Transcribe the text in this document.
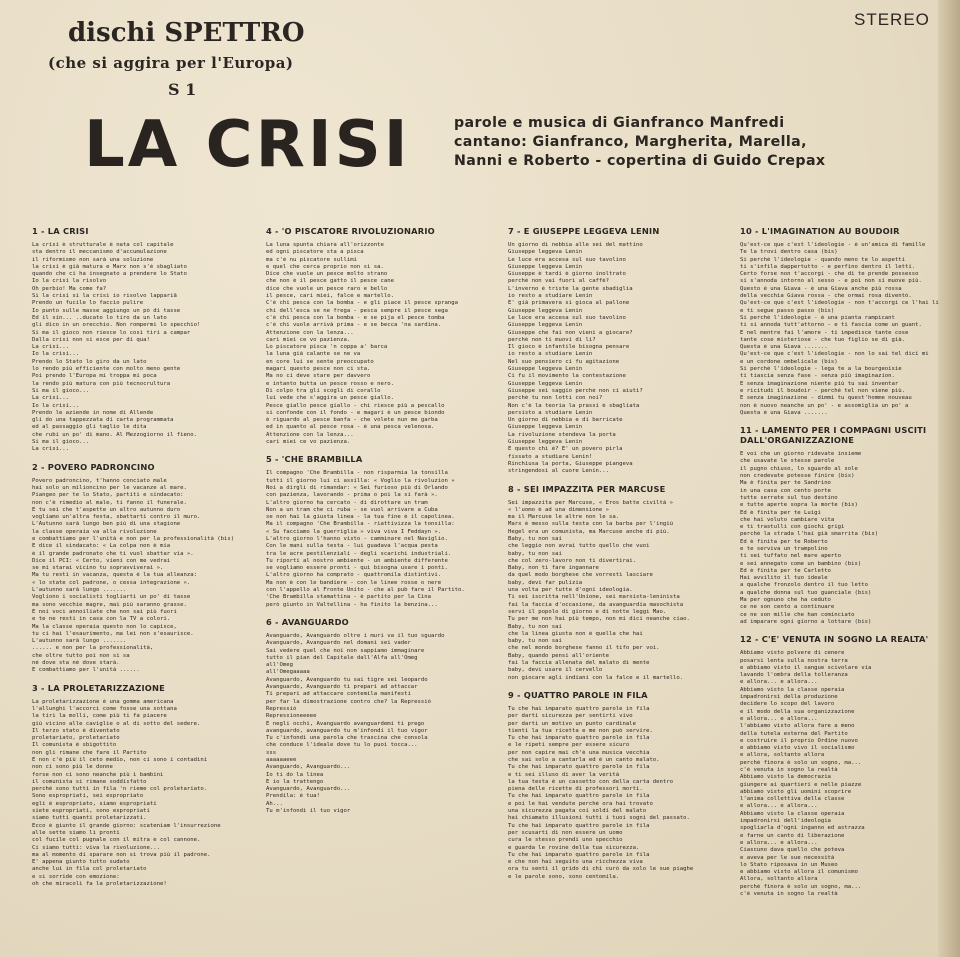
dischi SPETTRO
(che si aggira per l'Europa)
S 1
STEREO
LA CRISI	parole e musica di Gianfranco Manfredi
cantano: Gianfranco, Margherita, Marella,
Nanni e Roberto - copertina di Guido Crepax
1 - LA CRISI
La crisi è strutturale è nata col capitale
sta dentro il meccanismo d'accumulazione
il riformismo non sarà una soluzione
la crisi è già matura e Marx non s'è sbagliato
quando che ci ha insegnato a prendere lo Stato
Io la crisi la risolvo
Oh perbio! Ma come fa?
Si la crisi si la crisi io risolvo lappariâ
Prendo un fucile lo faccio pulire
Io punto sulle masse aggiungo un pò di tasse
Ed il sin... ..ducato lo tiro da un lato
gli dico in un orecchio. Non rompermi lo specchio!
Si ma il gioco non riesce lo così tiri a campar
Dalla crisi non si esce per di qua!
La crisi...
Io la crisi...
Prendo lo Stato lo giro da un lato
lo rendo più efficiente con molto meno gente
Poi prendo l'Europa mi troppa mi poca
la rendo più matura con più tecnocrultura
Si ma il gioco...
La crisi...
Io la crisi...
Prendo le aziende in nome di Allende
gli do una tappezzata di carta programmata
ed al passaggio gli taglio le dita
che rubi un po' di mano. Al Mezzogiorno il fieno.
Si ma il gioco...
La crisi...
2 - POVERO PADRONCINO
Povero padroncino, t'hanno conciato male
hai solo un milioncino per le vacanze al mare.
Piangeo per te lo Stato, partiti e sindacato:
non c'è rimedio al male, ti fanno il funerale.
E tu sei che t'aspette un altro autunno duro
vogliamo un'altra festa, sbattarti contro il muro.
L'Autunno sarà lungo ben più di una stagione
la classe operaia va alla rivoluzione
e combattiamo per l'unità e non per la professionalità (bis)
E dice il sindacato: « La colpa non è mia
è il grande padronato che ti vuol sbattar via ».
Dice il PCI: « Certo, vieni con me vedrai
se mi starai vicino tu sopravviverai ».
Ma tu resti in vacanza, questa è la tua alleanza:
« lo state col padrone, o cessa integrazione ».
L'autunno sarà lungo .......
Vogliono i socialisti togliarti un po' di tasse
ma sono vecchie magre, mai più saranno grasse.
E noi voci annoiliate che non sai più fuori
e te ne resti in casa con la TV a colori.
Ma la classe operaia questo non lo capisce,
tu ci hai l'esaurimento, ma lei non s'esaurisce.
L'autunno sarà lungo .......
...... e non per la professionalità,
che oltre tutto poi non si sa
né dove sta né dove starà.
E combattiamo per l'unità ......
3 - LA PROLETARIZZAZIONE
La proletarizzazione è una gomma americana
l'allunghi l'accorci come fosse una sottana
la tiri la molli, come più ti fa piacere
giù vicino alle caviglie o al di sotto del sedere.
Il terzo stato è diventato
proletariato, proletariato
Il comunista è sbigottito
non gli rimane che fare il Partito
E non c'è più il ceto medio, non ci sono i contadini
non ci sono più le donne
forse non ci sono neanche più i bambini
il comunista si rimane soddisfatto
perché sono tutti in fila 'n rieme col proletariato.
Sono espropriati, sei espropriato
egli è espropriato, siamo espropriati
siete espropriati, sono espropriati
siamo tutti quanti proletarizzati.
Ecco è giunto il grande giorno: scateniam l'insurrezione
alle sette siamo lì pronti
col fucile col pugnale con il mitra e col cannone.
Ci siamo tutti: viva la rivoluzione...
ma al momento di sparare non si trova più il padrone.
E' appena giunto tutto sudato
anche lui in fila col proletariato
e si sorride con emozione:
oh che miracoli fa la proletarizzazione!
4 - 'O PISCATORE RIVOLUZIONARIO
La luna spunta chiara all'orizzonte
ed ogni piscatore sta a pisca
ma c'è nu piscatore sullimi
e quel che cerca proprio non si sa.
Dice che vuole un pesce molto strano
che non è il pesce gatto il pesce cane
dice che vuole un pesce raro e bello
il pesce, cari miei, falce e martello.
C'è chi pesca con la bomba - e gli piace il pesce spranga
chi dell'esca se ne frega - pesca sempre il pesce sega
c'è chi pesca con la bomba - e se pija el pesce tomba
c'è chi vuole arrivà prima - e se becca 'na sardina.
Attenzione con la lenza...
cari miei ce vo pazienza.
Lo piscatore pisca 'n coppa a' barca
la luna già calante se ne va
en core lui se sente preoccupato
magari questo pesce non ci sta.
Ma no ci deve stare per davvero
e intanto butta un pesce rosso e nero.
Di colpo tra gli scogli di corallo
lui vede che s'aggira un pesce giallo.
Pesce giallo pesce giallo - chi riesce più a pescallo
si confonde con il fondo - e magari è un pesce biondo
è riguardo al pesce banfa - che volete nun me garba
ed in quanto al pesce rosa - è una pesca velenosa.
Attenzione con la lenza...
cari miei ce vo pazienza.
5 - 'CHE BRAMBILLA
Il compagno 'Che Brambilla - non risparmia la tonsilla
tutti il giorno lui ci assilla: « Voglio la rivoluzion »
Noi a dirgli di rimandar: « Sei furioso più di Orlando
con pazienza, lavorando - prima o poi la si farà ».
L'altro giorno ha cercato - di dirottare un tram
Non a un tram che ci ruba - se vuol arrivare a Cuba
se non hai la giusta linea - la tua fine è il capolinea.
Ma il compagno 'Che Brambilla - riattivizza la tonsilla:
« Su facciamo la guerriglia » viva viva I Feddayn ».
L'altro giorno l'hanno visto - camminare nel Naviglio.
Con le mani sulla testa - lui guadava l'acqua pesta
tra le acre pestilenziali - degli scarichi industriali.
Tu riporti al nostro ambiente - un ambiente differente
se vogliamo essere pronti - qui bisogna usare i ponti.
L'altro giorno ha comprato - quattromila distintivi.
Ma non è con le bandiere - con le linee rosse o nere
con l'appello al Fronte Unito - che al pub fare il Partito.
'Che Brambilla stamattina - è partito per la Cina
però giunto in Valtellina - ha finito la benzina...
6 - AVANGUARDO
Avanguardo, Avanguardo oltre i muri va il tuo sguardo
Avanguardo, Avanguardo nel domani sei vader
Sai vedere quel che noi non sappiamo immaginare
tutto il pian del Capitale dall'Alfa all'Omeg
all'Omeg
all'Omegaaaaa
Avanguardo, Avanguardo tu sai tigre sei leopardo
Avanguardo, Avanguardo ti prepari ad attaccar
Ti prepari ad attaccare contemila manifesti
per far la dimostrazione contro che? la Repressiò
Repressiò
Repressioneeeee
E negli occhi, Avanguardo avanguardemi ti prego
avanguardo, avanguardo tu m'infondi il tuo vigor
Tu c'infondi una parola che trascina che consola
che conduce l'ideale dove tu lo puoi tocca...
sss
aaaaaaeee
Avanguardo, Avanguardo...
Io ti do la linea
E io la trattengo
Avanguardo, Avanguardo...
Prendila: è tua!
Ah...
Tu m'infondi il tuo vigor
7 - E GIUSEPPE LEGGEVA LENIN
Un giorno di nebbia alle sei del mattino
Giuseppe leggeva Lenin
Le luce era accesa sul suo tavolino
Giuseppe leggeva Lenin
Giuseppe è tardi è giorno inoltrato
perché non vai fuori al caffè?
L'inverno è triste la gente sbadiglia
io resto a studiare Lenin
E' già primavera si gioca al pallone
Giuseppe leggeva Lenin
Le luce era accesa sul suo tavolino
Giuseppe leggeva Lenin
Giuseppe che fai non vieni a giocare?
perché non ti muovi di lì?
Il gioco è infantile bisogna pensare
io resto a studiare Lenin
Nel suo pensiero ci fu agitazione
Giuseppe leggeva Lenin
Ci fu il movimento la contestazione
Giuseppe leggeva Lenin
Giuseppe sei saggio perché non ci aiuti?
perché tu non lotti con noi?
Non c'è la teoria la prassi è sbagliata
persisto a studiare Lenin
Un giorno di nebbia e di barricate
Giuseppe leggeva Lenin
La rivoluzione stendeva la porta
Giuseppe leggeva Lenin
E questo chi è? E' un povero pirla
fissato a studiare Lenin!
Rinchiusa la porta, Giuseppe piangeva
stringendosi al cuore Lenin...
8 - SEI IMPAZZITA PER MARCUSE
Sei impazzita per Marcuse, « Eros batte civiltà »
« l'uomo è ad una dimensione »
ma il Marcuse le altre non le sa.
Marx è messo sulla testa con la barba per l'ingiù
Hegel era un comunista, ma Marcuse anche di più.
Baby, tu non sai
che leggio non avrai tutto quello che vuoi
baby, tu non sai
che col zero-lavoro non ti divertirai.
Baby, non ti fare ingannare
da quel modo borghese che vorresti lasciare
baby, devi far pulizia
una volta per tutte d'ogni ideologia.
Ti sei iscritta nell'Unione, sei marxista-leninista
fai la faccia d'occasione, da avanguardia masochista
servi il popolo di giorno e di notte leggi Mao.
Tu per me non hai più tempo, non mi dici neanche ciao.
Baby, tu non sai
che la linea giusta non è quella che hai
baby, tu non sai
che nel mondo borghese fanno il tifo per voi.
Baby, quando pensi all'oriente
fai la faccia allenata del malato di mente
baby, devi usare il cervello
non giocare agli indiani con la falce e il martello.
9 - QUATTRO PAROLE IN FILA
Tu che hai imparato quattro parole in fila
per darti sicurezza per sentirti vivo
per darti un motivo un punto cardinale
tienti la tua ricetta e me non può servire.
Tu che hai imparato quattro parole in fila
e le ripeti sempre per essere sicuro
per non capire mai ch'è una musica vecchia
che sai solo a cantarla ed è un canto malato.
Tu che hai imparato quattro parole in fila
e ti sei illuso di aver la verità
la tua testa è un cassetto con della carta dentro
piena delle ricette di professori morti.
Tu che hai imparato quattro parole in fila
e poi le hai vendute perché ora hai trovato
una sicurezza pagata coi soldi del malato
hai chiamato illusioni tutti i tuoi sogni del passato.
Tu che hai imparato quattro parole in fila
per scusarti di non essere un uomo
cura le stesso prendi uno specchio
e guarda le rovine della tua sicurezza.
Tu che hai imparato quattro parole in fila
e che non hai seguito una ricchezza viva
ora tu senti il grido di chi curò da solo le sue piaghe
e le parole sono, sono centomila.
10 - L'IMAGINATION AU BOUDOIR
Qu'est-ce que c'est l'ideologie - è un'amica di famille
Te la trovi dentro casa (bis)
Si perché l'ideologie - quando meno te lo aspetti
ti s'infila dappertutto - e perfino dentro il letti.
Certo forse non t'accorgi - che di te prende possesso
si s'annoda intorno al sesso - e poi non si muove più.
Questo è una Giava - è una Giava anche più rossa
della vecchia Giava rossa - che ormai rosa diventò.
Qu'est-ce que c'est l'ideologie - non t'accorgi ce l'hai li
e ti segue passo passo (bis)
Si perché l'ideologie - è una pianta rampicant
ti si annoda tutt'attorno - e ti fascia come un guant.
E nel mentre fai l'amore - ti impedisce tante cose
tante cose misteriose - che tuo figlio se di già.
Questa è una Giava .......
Qu'est-ce que c'est l'ideologie - non lo sai tel dici mi
e un cordone ombelicale (bis)
Si perché l'ideologie - lega te a la bourgeoisie
ti tiascia senza fase - senza più imaginazion.
E senza imaginazione niente più tu sai inventar
e ricitudi il boudoir - perché tel non viene più.
E senza imaginazione - dimmi tu quest'homme nouveau
non è nuovo neanche un po' - e assomiglia un po' a
Questa è una Giava .......
11 - LAMENTO PER I COMPAGNI USCITI
DALL'ORGANIZZAZIONE
E voi che un giorno ridevate insieme
che usavate le stesse parole
il pugno chiuso, lo sguardo al sole
non credevate potesse finire (bis)
Ma è finita per te Sandrino
in una casa con cento porte
tutte serrate sul tuo destino
e tutte aperte sopra la morte (bis)
Ed è finita per te Luigi
che hai voluto cambiare vita
e ti trastulli con giochi grigi
perché la strada l'hai già smarrita (bis)
Ed è finita per te Roberto
e te serviva un trampolino
ti sei tuffato nel mare aperto
e sei annegato come un bambino (bis)
Ed è finita per te Carletto
Hai avvilito il tuo ideale
a qualche fronzolo dentro il tuo letto
a qualche donna sul tuo guanciale (bis)
Ma per ognuno che ha ceduto
ce ne son cento a continuare
ce ne son mille che han cominciato
ad imparare ogni giorno a lottare (bis)
12 - C'E' VENUTA IN SOGNO LA REALTA'
Abbiamo visto polvere di cenere
posarsi lenta sulla nostra terra
e abbiamo visto il sangue scivolare via
lavando l'ombra della tolleranza
e allora... e allora...
Abbiamo visto la classe operaia
impadronirsi della produzione
decidere lo scopo del lavoro
e il modo della sua organizzazione
e allora... e allora...
l'abbiamo visto allora fare a meno
della tutela esterna del Partito
e costruire il proprio Ordine nuovo
e abbiamo visto vivo il socialismo
e allora, soltanto allora
perché finora è solo un sogno, ma...
c'è venuta in sogno la realtà
Abbiamo visto la democrazia
giungere ai quartieri e nelle piazze
abbiamo visto gli uomini scoprire
l'anima collettiva della classe
e allora... e allora...
Abbiamo visto la classe operaia
impadronirsi dell'ideologia
spogliarla d'ogni inganno ed astrazza
e farne un canto di liberazione
e allora... e allora...
Ciascuno dava quello che poteva
e aveva per le sue necessità
lo Stato riposava in un Museo
e abbiamo visto allora il comunismo
Allora, soltanto allora
perché finora è solo un sogno, ma...
c'è venuta in sogno la realtà
